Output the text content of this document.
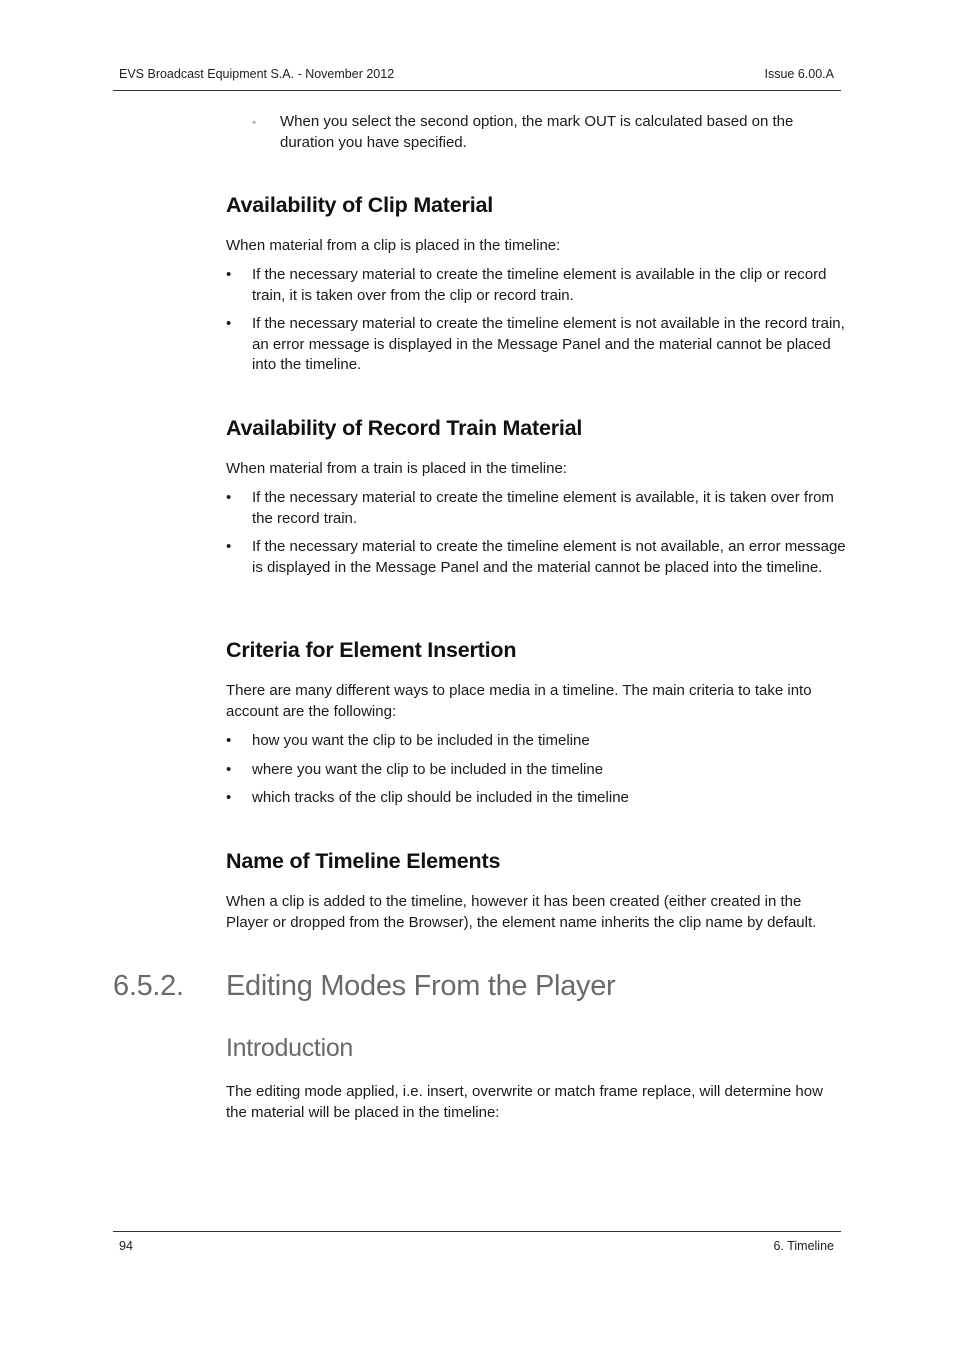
EVS Broadcast Equipment S.A. - November 2012	Issue 6.00.A
◦ When you select the second option, the mark OUT is calculated based on the duration you have specified.
Availability of Clip Material

When material from a clip is placed in the timeline:

• If the necessary material to create the timeline element is available in the clip or record train, it is taken over from the clip or record train.
• If the necessary material to create the timeline element is not available in the record train, an error message is displayed in the Message Panel and the material cannot be placed into the timeline.
Availability of Record Train Material

When material from a train is placed in the timeline:

• If the necessary material to create the timeline element is available, it is taken over from the record train.
• If the necessary material to create the timeline element is not available, an error message is displayed in the Message Panel and the material cannot be placed into the timeline.
Criteria for Element Insertion

There are many different ways to place media in a timeline. The main criteria to take into account are the following:

• how you want the clip to be included in the timeline
• where you want the clip to be included in the timeline
• which tracks of the clip should be included in the timeline
Name of Timeline Elements

When a clip is added to the timeline, however it has been created (either created in the Player or dropped from the Browser), the element name inherits the clip name by default.

The editing mode applied, i.e. insert, overwrite or match frame replace, will determine how the material will be placed in the timeline:

6.5.2. Editing Modes From the Player
Introduction
94	6. Timeline
